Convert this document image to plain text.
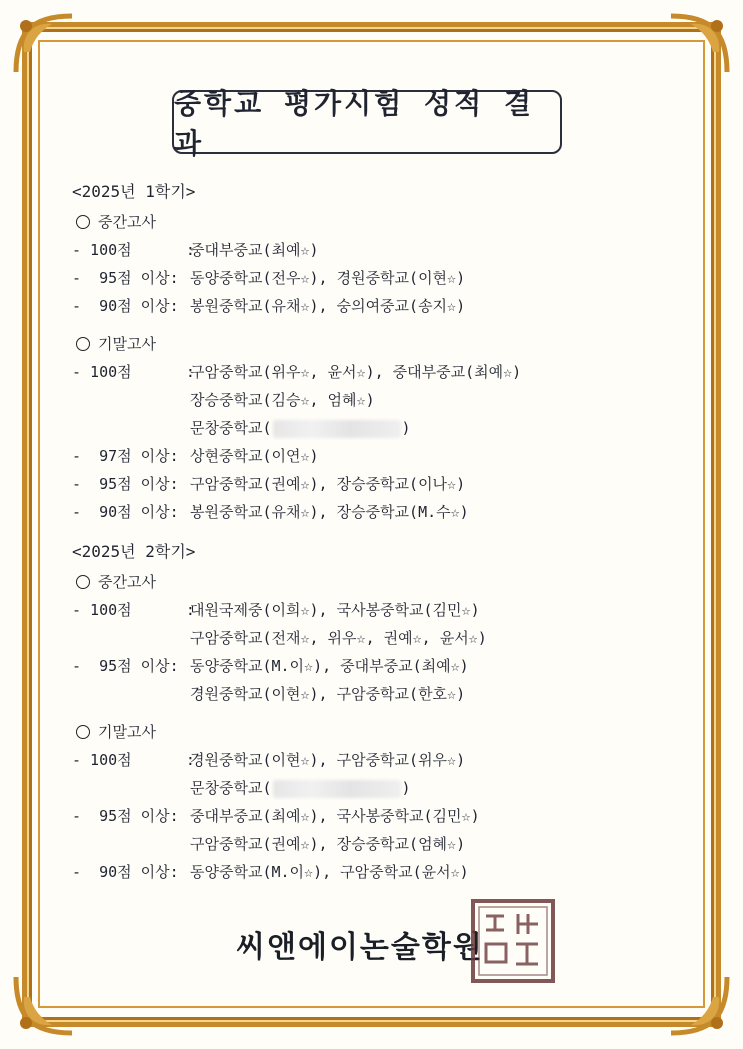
중학교 평가시험 성적 결과
<2025년 1학기>
중간고사
- 100점      :
중대부중교(최예☆)
-  95점 이상: 동양중학교(전우☆), 경원중학교(이현☆)
-  90점 이상: 봉원중학교(유채☆), 숭의여중교(송지☆)
기말고사
- 100점      :
구암중학교(위우☆, 윤서☆), 중대부중교(최예☆)
장승중학교(김승☆, 엄혜☆)
문창중학교(	)
-  97점 이상: 상현중학교(이연☆)
-  95점 이상: 구암중학교(권예☆), 장승중학교(이나☆)
-  90점 이상: 봉원중학교(유채☆), 장승중학교(M.수☆)
<2025년 2학기>
중간고사
- 100점      :
대원국제중(이희☆), 국사봉중학교(김민☆)
구암중학교(전재☆, 위우☆, 권예☆, 윤서☆)
-  95점 이상: 동양중학교(M.이☆), 중대부중교(최예☆)
경원중학교(이현☆), 구암중학교(한호☆)
기말고사
- 100점      :
경원중학교(이현☆), 구암중학교(위우☆)
문창중학교(	)
-  95점 이상: 중대부중교(최예☆), 국사봉중학교(김민☆)
구암중학교(권예☆), 장승중학교(엄혜☆)
-  90점 이상: 동양중학교(M.이☆), 구암중학교(윤서☆)
씨앤에이논술학원
